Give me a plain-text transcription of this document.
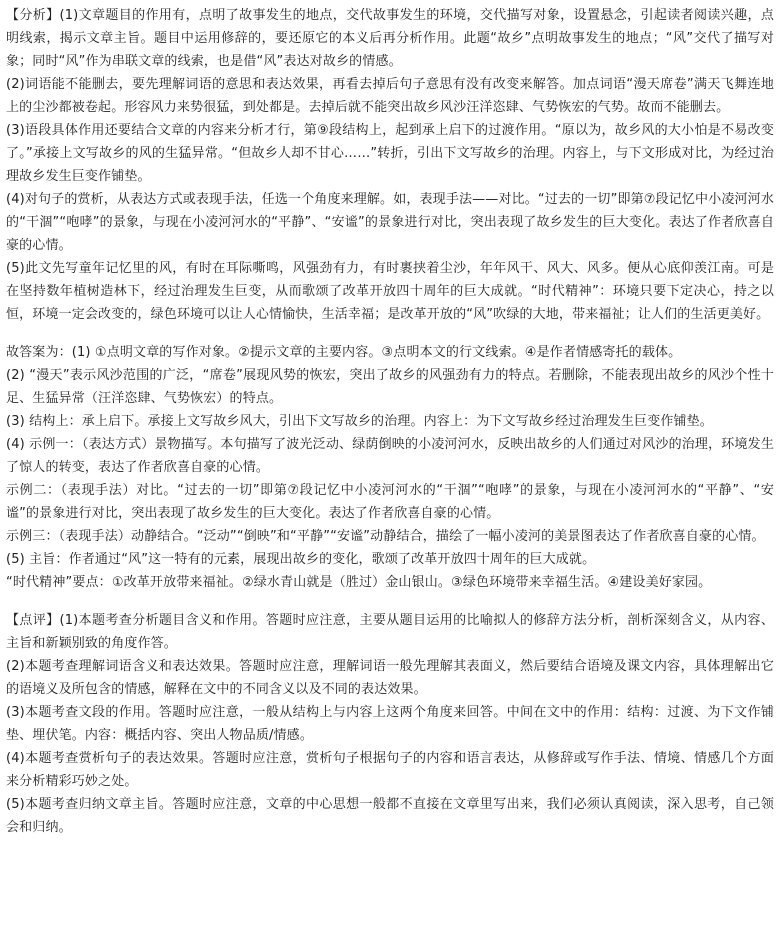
【分析】(1)文章题目的作用有，点明了故事发生的地点，交代故事发生的环境，交代描写对象，设置悬念，引起读者阅读兴趣，点明线索，揭示文章主旨。题目中运用修辞的，要还原它的本义后再分析作用。此题“故乡”点明故事发生的地点；“风”交代了描写对象；同时“风”作为串联文章的线索，也是借“风”表达对故乡的情感。

(2)词语能不能删去，要先理解词语的意思和表达效果，再看去掉后句子意思有没有改变来解答。加点词语“漫天席卷”满天飞舞连地上的尘沙都被卷起。形容风力来势很猛，到处都是。去掉后就不能突出故乡风沙汪洋恣肆、气势恢宏的气势。故而不能删去。

(3)语段具体作用还要结合文章的内容来分析才行，第⑨段结构上，起到承上启下的过渡作用。“原以为，故乡风的大小怕是不易改变了。”承接上文写故乡的风的生猛异常。“但故乡人却不甘心……”转折，引出下文写故乡的治理。内容上，与下文形成对比，为经过治理故乡发生巨变作铺垫。

(4)对句子的赏析，从表达方式或表现手法，任选一个角度来理解。如，表现手法——对比。“过去的一切”即第⑦段记忆中小凌河河水的“干涸”“咆哮”的景象，与现在小凌河河水的“平静”、“安谧”的景象进行对比，突出表现了故乡发生的巨大变化。表达了作者欣喜自豪的心情。

(5)此文先写童年记忆里的风，有时在耳际嘶鸣，风强劲有力，有时裹挟着尘沙，年年风干、风大、风多。便从心底仰羡江南。可是在坚持数年植树造林下，经过治理发生巨变，从而歌颂了改革开放四十周年的巨大成就。“时代精神”：环境只要下定决心，持之以恒，环境一定会改变的，绿色环境可以让人心情愉快，生活幸福；是改革开放的“风”吹绿的大地，带来福祉；让人们的生活更美好。

故答案为：(1) ①点明文章的写作对象。②提示文章的主要内容。③点明本文的行文线索。④是作者情感寄托的载体。

(2) “漫天”表示风沙范围的广泛，“席卷”展现风势的恢宏，突出了故乡的风强劲有力的特点。若删除，不能表现出故乡的风沙个性十足、生猛异常（汪洋恣肆、气势恢宏）的特点。

(3) 结构上：承上启下。承接上文写故乡风大，引出下文写故乡的治理。内容上：为下文写故乡经过治理发生巨变作铺垫。

(4) 示例一：（表达方式）景物描写。本句描写了波光泛动、绿荫倒映的小凌河河水，反映出故乡的人们通过对风沙的治理，环境发生了惊人的转变，表达了作者欣喜自豪的心情。

示例二：（表现手法）对比。“过去的一切”即第⑦段记忆中小凌河河水的“干涸”“咆哮”的景象，与现在小凌河河水的“平静”、“安谧”的景象进行对比，突出表现了故乡发生的巨大变化。表达了作者欣喜自豪的心情。

示例三：（表现手法）动静结合。“泛动”“倒映”和“平静”“安谧”动静结合，描绘了一幅小凌河的美景图表达了作者欣喜自豪的心情。

(5) 主旨：作者通过“风”这一特有的元素，展现出故乡的变化，歌颂了改革开放四十周年的巨大成就。

“时代精神”要点：①改革开放带来福祉。②绿水青山就是（胜过）金山银山。③绿色环境带来幸福生活。④建设美好家园。

【点评】(1)本题考查分析题目含义和作用。答题时应注意，主要从题目运用的比喻拟人的修辞方法分析，剖析深刻含义，从内容、主旨和新颖别致的角度作答。

(2)本题考查理解词语含义和表达效果。答题时应注意，理解词语一般先理解其表面义，然后要结合语境及课文内容，具体理解出它的语境义及所包含的情感，解释在文中的不同含义以及不同的表达效果。

(3)本题考查文段的作用。答题时应注意，一般从结构上与内容上这两个角度来回答。中间在文中的作用：结构：过渡、为下文作铺垫、埋伏笔。内容：概括内容、突出人物品质/情感。

(4)本题考查赏析句子的表达效果。答题时应注意，赏析句子根据句子的内容和语言表达，从修辞或写作手法、情境、情感几个方面来分析精彩巧妙之处。

(5)本题考查归纳文章主旨。答题时应注意，文章的中心思想一般都不直接在文章里写出来，我们必须认真阅读，深入思考，自己领会和归纳。
